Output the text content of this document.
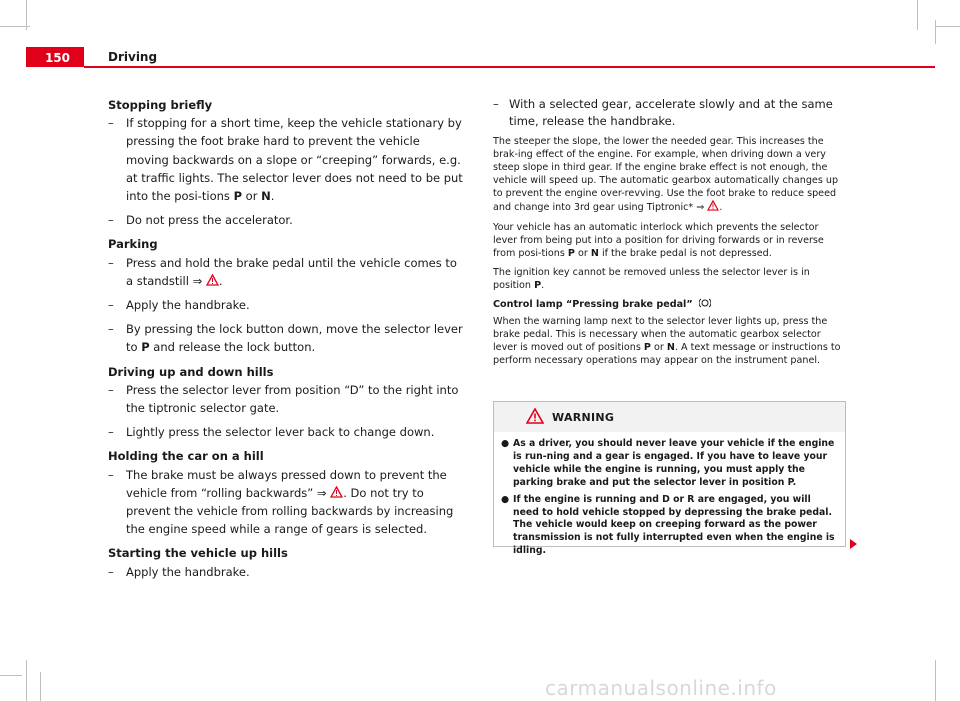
150	Driving
Stopping briefly
– If stopping for a short time, keep the vehicle stationary by pressing the foot brake hard to prevent the vehicle moving backwards on a slope or “creeping” forwards, e.g. at traffic lights. The selector lever does not need to be put into the posi-tions P or N.
– Do not press the accelerator.
Parking
– Press and hold the brake pedal until the vehicle comes to a standstill ⇒ .
– Apply the handbrake.
– By pressing the lock button down, move the selector lever to P and release the lock button.
Driving up and down hills
– Press the selector lever from position “D” to the right into the tiptronic selector gate.
– Lightly press the selector lever back to change down.
Holding the car on a hill
– The brake must be always pressed down to prevent the vehicle from “rolling backwards” ⇒ . Do not try to prevent the vehicle from rolling backwards by increasing the engine speed while a range of gears is selected.
Starting the vehicle up hills
– Apply the handbrake.
– With a selected gear, accelerate slowly and at the same time, release the handbrake.

The steeper the slope, the lower the needed gear. This increases the brak-ing effect of the engine. For example, when driving down a very steep slope in third gear. If the engine brake effect is not enough, the vehicle will speed up. The automatic gearbox automatically changes up to prevent the engine over-revving. Use the foot brake to reduce speed and change into 3rd gear using Tiptronic* ⇒ .

Your vehicle has an automatic interlock which prevents the selector lever from being put into a position for driving forwards or in reverse from posi-tions P or N if the brake pedal is not depressed.

The ignition key cannot be removed unless the selector lever is in position P.

Control lamp “Pressing brake pedal”

When the warning lamp next to the selector lever lights up, press the brake pedal. This is necessary when the automatic gearbox selector lever is moved out of positions P or N. A text message or instructions to perform necessary operations may appear on the instrument panel.

WARNING
● As a driver, you should never leave your vehicle if the engine is run-ning and a gear is engaged. If you have to leave your vehicle while the engine is running, you must apply the parking brake and put the selector lever in position P.
● If the engine is running and D or R are engaged, you will need to hold vehicle stopped by depressing the brake pedal. The vehicle would keep on creeping forward as the power transmission is not fully interrupted even when the engine is idling.
carmanualsonline.info
